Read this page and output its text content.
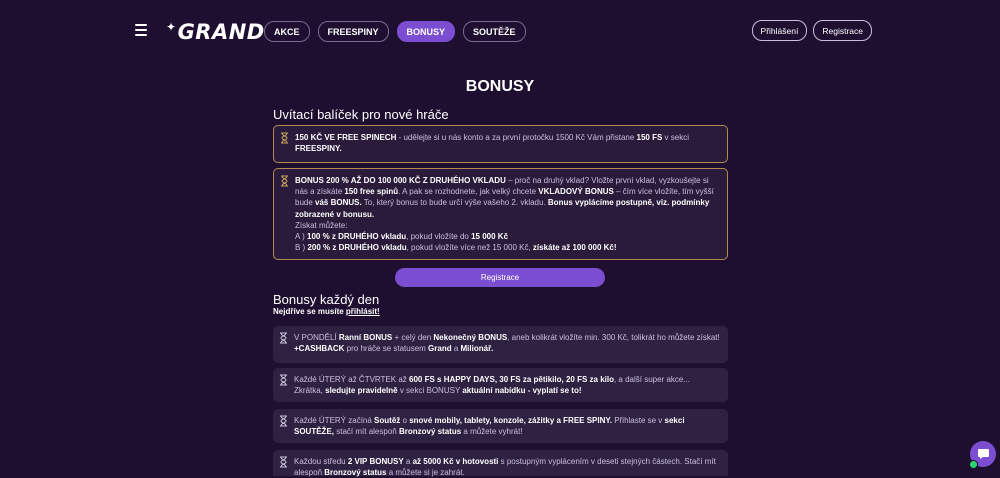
✦GRAND	AKCE	FREESPINY	BONUSY	SOUTĚŽE	Přihlášení	Registrace
BONUSY
Uvítací balíček pro nové hráče
150 KČ VE FREE SPINECH - udělejte si u nás konto a za první protočku 1500 Kč Vám přistane 150 FS v sekci FREESPINY.
BONUS 200 % AŽ DO 100 000 KČ Z DRUHÉHO VKLADU – proč na druhý vklad? Vložte první vklad, vyzkoušejte si nás a získáte 150 free spinů. A pak se rozhodnete, jak velký chcete VKLADOVÝ BONUS – čím více vložíte, tím vyšší bude váš BONUS. To, který bonus to bude určí výše vašeho 2. vkladu. Bonus vyplácíme postupně, viz. podmínky zobrazené v bonusu.
Získat můžete:
A ) 100 % z DRUHÉHO vkladu, pokud vložíte do 15 000 Kč
B ) 200 % z DRUHÉHO vkladu, pokud vložíte více než 15 000 Kč, získáte až 100 000 Kč!
Registrace
Bonusy každý den
Nejdříve se musíte přihlásit!
V PONDĚLÍ Ranní BONUS + celý den Nekonečný BONUS, aneb kolikrát vložíte min. 300 Kč, tolikrát ho můžete získat! +CASHBACK pro hráče se statusem Grand a Milionář.
Každé ÚTERÝ až ČTVRTEK až 600 FS s HAPPY DAYS, 30 FS za pětikilo, 20 FS za kilo, a další super akce... Zkrátka, sledujte pravidelně v sekci BONUSY aktuální nabídku - vyplatí se to!
Každé ÚTERÝ začíná Soutěž o snové mobily, tablety, konzole, zážitky a FREE SPINY. Přihlaste se v sekci SOUTĚŽE, stačí mít alespoň Bronzový status a můžete vyhrát!
Každou středu 2 VIP BONUSY a až 5000 Kč v hotovosti s postupným vyplácením v deseti stejných částech. Stačí mít alespoň Bronzový status a můžete si je zahrát.
